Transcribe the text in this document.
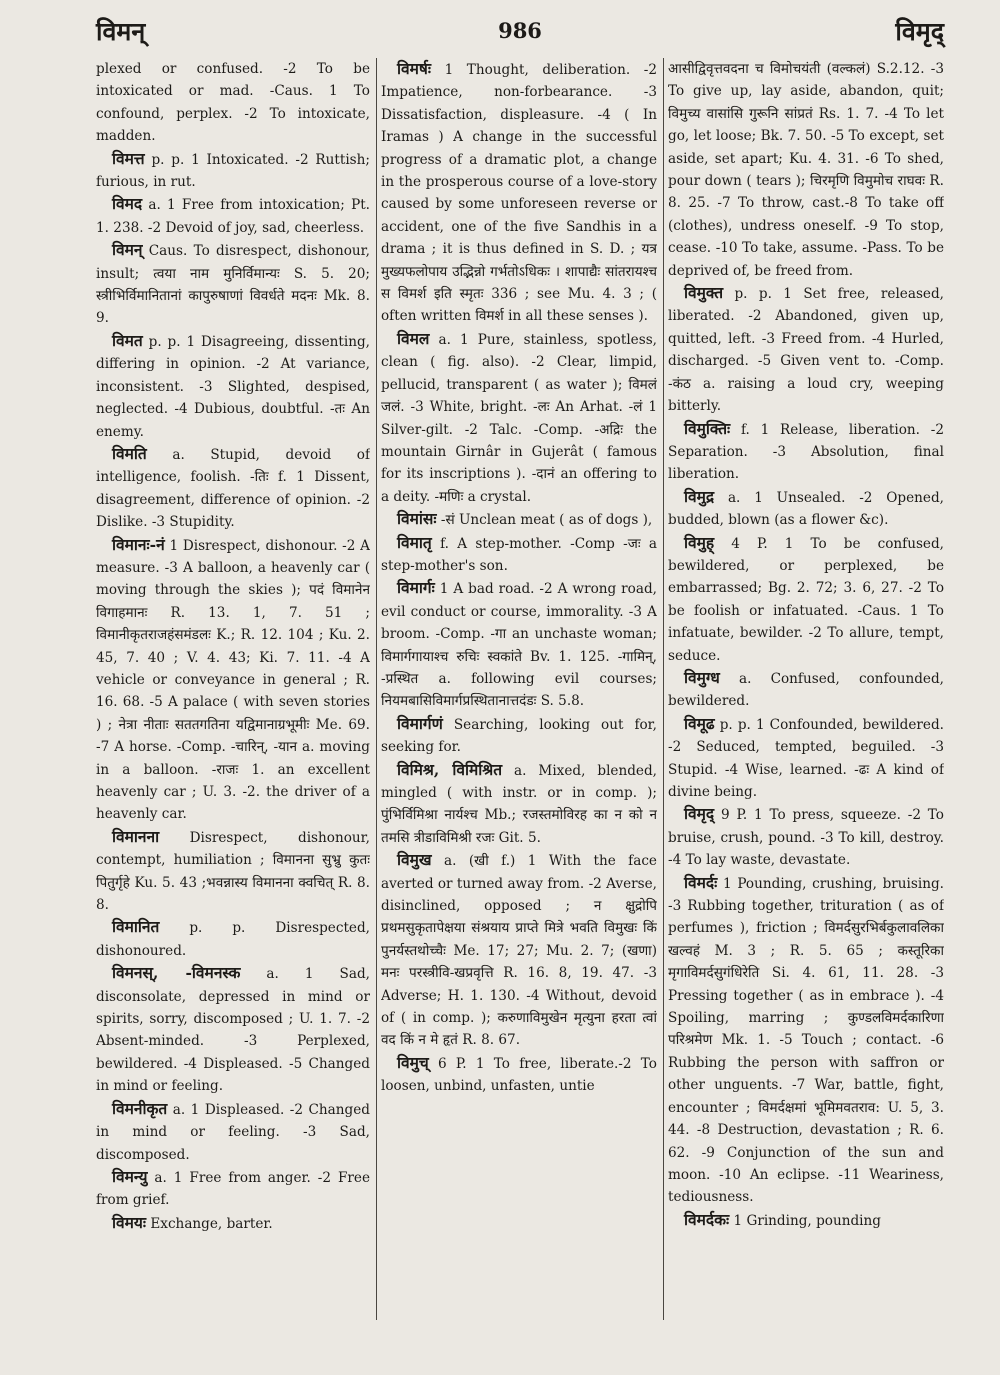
विमन्	986	विमृद्

plexed or confused. -2 To be intoxicated or mad. -Caus. 1 To confound, perplex. -2 To intoxicate, madden.

विमत्त p. p. 1 Intoxicated. -2 Ruttish; furious, in rut.

विमद a. 1 Free from intoxication; Pt. 1. 238. -2 Devoid of joy, sad, cheerless.

विमन् Caus. To disrespect, dishonour, insult; त्वया नाम मुनिर्विमान्यः S. 5. 20; स्त्रीभिर्विमानितानां कापुरुषाणां विवर्धते मदनः Mk. 8. 9.

विमत p. p. 1 Disagreeing, dissenting, differing in opinion. -2 At variance, inconsistent. -3 Slighted, despised, neglected. -4 Dubious, doubtful. -तः An enemy.

विमति a. Stupid, devoid of intelligence, foolish. -तिः f. 1 Dissent, disagreement, difference of opinion. -2 Dislike. -3 Stupidity.

विमानः-नं 1 Disrespect, dishonour. -2 A measure. -3 A balloon, a heavenly car ( moving through the skies ); पदं विमानेन विगाहमानः R. 13. 1, 7. 51 ; विमानीकृतराजहंसमंडलः K.; R. 12. 104 ; Ku. 2. 45, 7. 40 ; V. 4. 43; Ki. 7. 11. -4 A vehicle or conveyance in general ; R. 16. 68. -5 A palace ( with seven stories ) ; नेत्रा नीताः सततगतिना यद्विमानाग्रभूमीः Me. 69. -7 A horse. -Comp. -चारिन्, -यान a. moving in a balloon. -राजः 1. an excellent heavenly car ; U. 3. -2. the driver of a heavenly car.

विमानना Disrespect, dishonour, contempt, humiliation ; विमानना सुभ्रु कुतः पितुर्गृहे Ku. 5. 43 ;भवन्नास्य विमानना क्वचित् R. 8. 8.

विमानित p. p. Disrespected, dishonoured.

विमनस्, -विमनस्क a. 1 Sad, disconsolate, depressed in mind or spirits, sorry, discomposed ; U. 1. 7. -2 Absent-minded. -3 Perplexed, bewildered. -4 Displeased. -5 Changed in mind or feeling.

विमनीकृत a. 1 Displeased. -2 Changed in mind or feeling. -3 Sad, discomposed.

विमन्यु a. 1 Free from anger. -2 Free from grief.

विमयः Exchange, barter.

विमर्षः 1 Thought, deliberation. -2 Impatience, non-forbearance. -3 Dissatisfaction, displeasure. -4 ( In Iramas ) A change in the successful progress of a dramatic plot, a change in the prosperous course of a love-story caused by some unforeseen reverse or accident, one of the five Sandhis in a drama ; it is thus defined in S. D. ; यत्र मुख्यफलोपाय उद्भिन्नो गर्भतोऽधिकः । शापाद्यैः सांतरायश्च स विमर्श इति स्मृतः 336 ; see Mu. 4. 3 ; ( often written विमर्श in all these senses ).

विमल a. 1 Pure, stainless, spotless, clean ( fig. also). -2 Clear, limpid, pellucid, transparent ( as water ); विमलं जलं. -3 White, bright. -लः An Arhat. -लं 1 Silver-gilt. -2 Talc. -Comp. -अद्रिः the mountain Girnâr in Gujerât ( famous for its inscriptions ). -दानं an offering to a deity. -मणिः a crystal.

विमांसः -सं Unclean meat ( as of dogs ),

विमातृ f. A step-mother. -Comp -जः a step-mother's son.

विमार्गः 1 A bad road. -2 A wrong road, evil conduct or course, immorality. -3 A broom. -Comp. -गा an unchaste woman; विमार्गगायाश्च रुचिः स्वकांते Bv. 1. 125. -गामिन्, -प्रस्थित a. following evil courses; नियमबासिविमार्गप्रस्थितानात्तदंडः S. 5.8.

विमार्गणं Searching, looking out for, seeking for.

विमिश्र, विमिश्रित a. Mixed, blended, mingled ( with instr. or in comp. ); पुंभिर्विमिश्रा नार्यश्च Mb.; रजस्तमोविरह का न को न तमसि त्रीडाविमिश्री रजः Git. 5.

विमुख a. (खी f.) 1 With the face averted or turned away from. -2 Averse, disinclined, opposed ; न क्षुद्रोपि प्रथमसुकृतापेक्षया संश्रयाय प्राप्ते मित्रे भवति विमुखः किं पुनर्यस्तथोच्चैः Me. 17; 27; Mu. 2. 7; (खणा) मनः परस्त्रीवि-खप्रवृत्ति R. 16. 8, 19. 47. -3 Adverse; H. 1. 130. -4 Without, devoid of ( in comp. ); करुणाविमुखेन मृत्युना हरता त्वां वद किं न मे हृतं R. 8. 67.

विमुच् 6 P. 1 To free, liberate.-2 To loosen, unbind, unfasten, untie

आसीद्विवृत्तवदना च विमोचयंती (वल्कलं) S.2.12. -3 To give up, lay aside, abandon, quit; विमुच्य वासांसि गुरूनि सांप्रतं Rs. 1. 7. -4 To let go, let loose; Bk. 7. 50. -5 To except, set aside, set apart; Ku. 4. 31. -6 To shed, pour down ( tears ); चिरमृणि विमुमोच राघवः R. 8. 25. -7 To throw, cast.-8 To take off (clothes), undress oneself. -9 To stop, cease. -10 To take, assume. -Pass. To be deprived of, be freed from.

विमुक्त p. p. 1 Set free, released, liberated. -2 Abandoned, given up, quitted, left. -3 Freed from. -4 Hurled, discharged. -5 Given vent to. -Comp. -कंठ a. raising a loud cry, weeping bitterly.

विमुक्तिः f. 1 Release, liberation. -2 Separation. -3 Absolution, final liberation.

विमुद्र a. 1 Unsealed. -2 Opened, budded, blown (as a flower &c).

विमुह् 4 P. 1 To be confused, bewildered, or perplexed, be embarrassed; Bg. 2. 72; 3. 6, 27. -2 To be foolish or infatuated. -Caus. 1 To infatuate, bewilder. -2 To allure, tempt, seduce.

विमुग्ध a. Confused, confounded, bewildered.

विमूढ p. p. 1 Confounded, bewildered. -2 Seduced, tempted, beguiled. -3 Stupid. -4 Wise, learned. -ढः A kind of divine being.

विमृद् 9 P. 1 To press, squeeze. -2 To bruise, crush, pound. -3 To kill, destroy. -4 To lay waste, devastate.

विमर्दः 1 Pounding, crushing, bruising. -3 Rubbing together, trituration ( as of perfumes ), friction ; विमर्दसुरभिर्बकुलावलिका खल्वहं M. 3 ; R. 5. 65 ; कस्तूरिका मृगाविमर्दसुगंधिरेति Si. 4. 61, 11. 28. -3 Pressing together ( as in embrace ). -4 Spoiling, marring ; कुण्डलविमर्दकारिणा परिश्रमेण Mk. 1. -5 Touch ; contact. -6 Rubbing the person with saffron or other unguents. -7 War, battle, fight, encounter ; विमर्दक्षमां भूमिमवतराव: U. 5, 3. 44. -8 Destruction, devastation ; R. 6. 62. -9 Conjunction of the sun and moon. -10 An eclipse. -11 Weariness, tediousness.

विमर्दकः 1 Grinding, pounding
